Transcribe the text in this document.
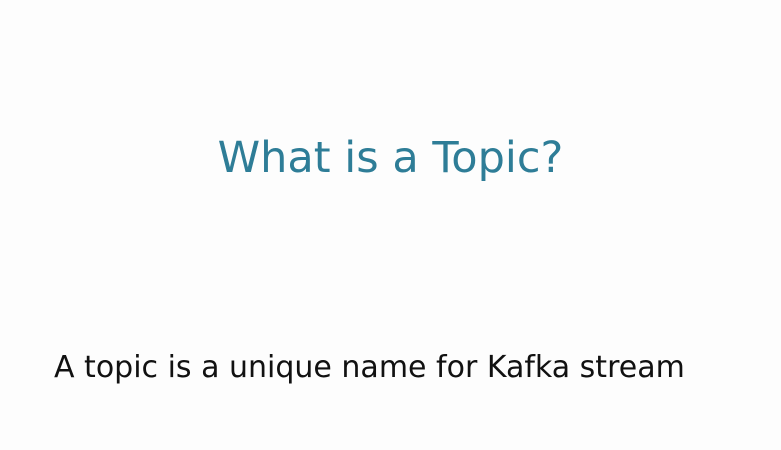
What is a Topic?
A topic is a unique name for Kafka stream
